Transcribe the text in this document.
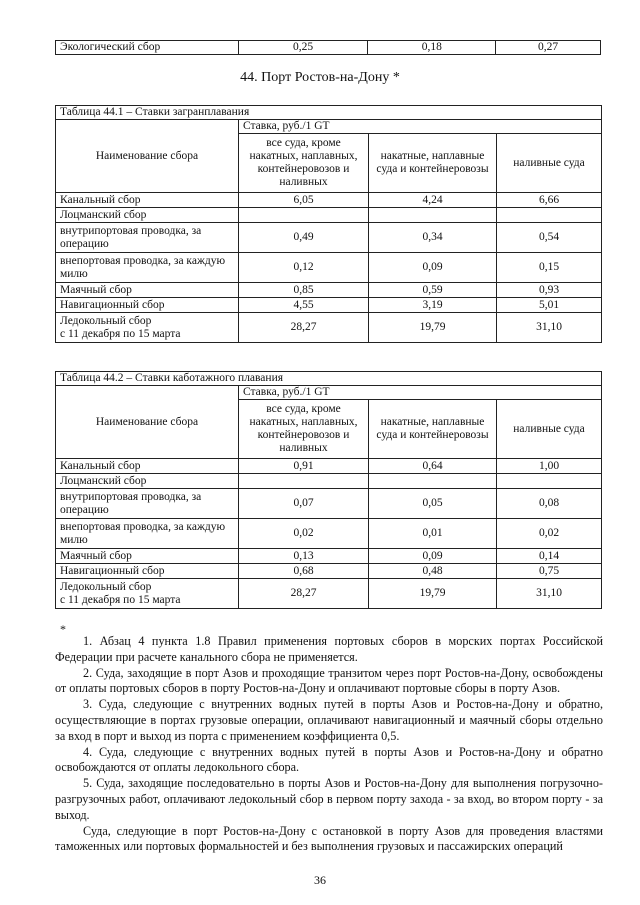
Экологический сбор	0,25	0,18	0,27
44. Порт Ростов-на-Дону *
Таблица 44.1 – Ставки загранплавания			
Наименование сбора	Ставка, руб./1 GT		
	все суда, кроме накатных, наплавных, контейнеровозов и наливных	накатные, наплавные суда и контейнеровозы	наливные суда
Канальный сбор	6,05	4,24	6,66
Лоцманский сбор			
внутрипортовая проводка, за операцию	0,49	0,34	0,54
внепортовая проводка, за каждую милю	0,12	0,09	0,15
Маячный сбор	0,85	0,59	0,93
Навигационный сбор	4,55	3,19	5,01
Ледокольный сбор
с 11 декабря по 15 марта	28,27	19,79	31,10
Таблица 44.2 – Ставки каботажного плавания			
Наименование сбора	Ставка, руб./1 GT		
	все суда, кроме накатных, наплавных, контейнеровозов и наливных	накатные, наплавные суда и контейнеровозы	наливные суда
Канальный сбор	0,91	0,64	1,00
Лоцманский сбор			
внутрипортовая проводка, за операцию	0,07	0,05	0,08
внепортовая проводка, за каждую милю	0,02	0,01	0,02
Маячный сбор	0,13	0,09	0,14
Навигационный сбор	0,68	0,48	0,75
Ледокольный сбор
с 11 декабря по 15 марта	28,27	19,79	31,10
*

1. Абзац 4 пункта 1.8 Правил применения портовых сборов в морских портах Российской Федерации при расчете канального сбора не применяется.

2. Суда, заходящие в порт Азов и проходящие транзитом через порт Ростов-на-Дону, освобождены от оплаты портовых сборов в порту Ростов-на-Дону и оплачивают портовые сборы в порту Азов.

3. Суда, следующие с внутренних водных путей в порты Азов и Ростов-на-Дону и обратно, осуществляющие в портах грузовые операции, оплачивают навигационный и маячный сборы отдельно за вход в порт и выход из порта с применением коэффициента 0,5.

4. Суда, следующие с внутренних водных путей в порты Азов и Ростов-на-Дону и обратно освобождаются от оплаты ледокольного сбора.

5. Суда, заходящие последовательно в порты Азов и Ростов-на-Дону для выполнения погрузочно-разгрузочных работ, оплачивают ледокольный сбор в первом порту захода - за вход, во втором порту - за выход.

Суда, следующие в порт Ростов-на-Дону с остановкой в порту Азов для проведения властями таможенных или портовых формальностей и без выполнения грузовых и пассажирских операций

36
